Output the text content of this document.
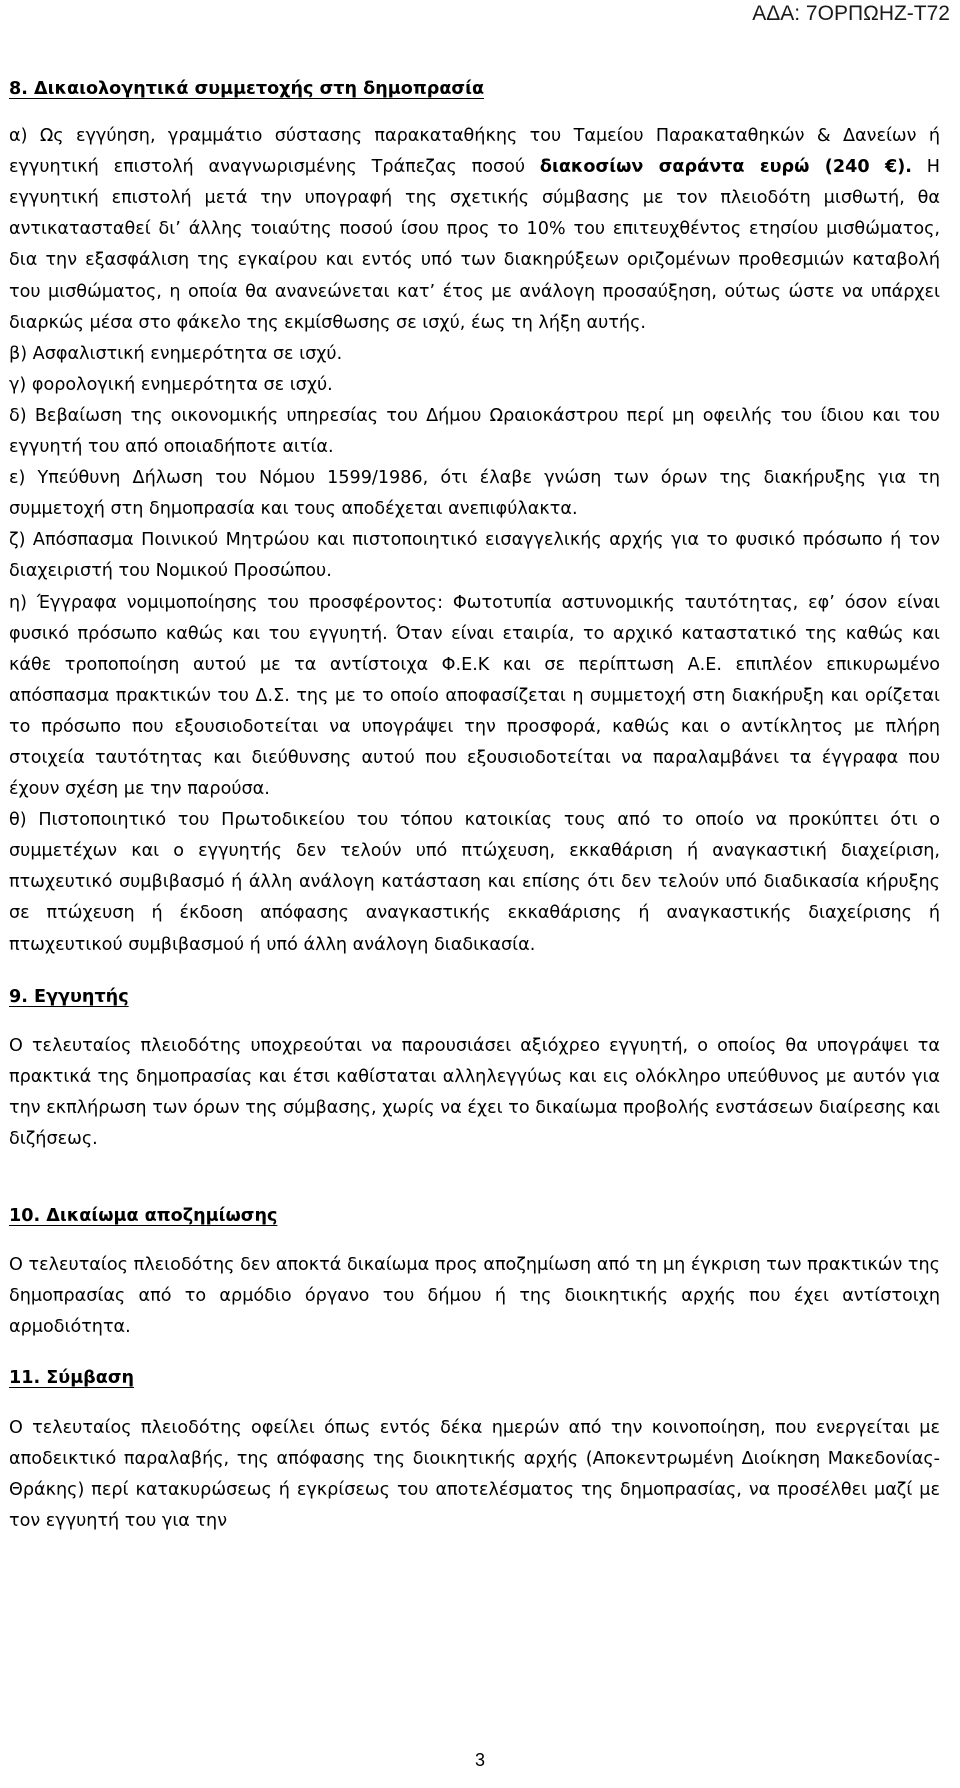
ΑΔΑ: 7ΟΡΠΩΗΖ-Τ72

8. Δικαιολογητικά συμμετοχής στη δημοπρασία

α) Ως εγγύηση, γραμμάτιο σύστασης παρακαταθήκης του Ταμείου Παρακαταθηκών & Δανείων ή εγγυητική επιστολή αναγνωρισμένης Τράπεζας ποσού διακοσίων σαράντα ευρώ (240 €). Η εγγυητική επιστολή μετά την υπογραφή της σχετικής σύμβασης με τον πλειοδότη μισθωτή, θα αντικατασταθεί δι’ άλλης τοιαύτης ποσού ίσου προς το 10% του επιτευχθέντος ετησίου μισθώματος, δια την εξασφάλιση της εγκαίρου και εντός υπό των διακηρύξεων οριζομένων προθεσμιών καταβολή του μισθώματος, η οποία θα ανανεώνεται κατ’ έτος με ανάλογη προσαύξηση, ούτως ώστε να υπάρχει διαρκώς μέσα στο φάκελο της εκμίσθωσης σε ισχύ, έως τη λήξη αυτής.

β) Ασφαλιστική ενημερότητα σε ισχύ.

γ) φορολογική ενημερότητα σε ισχύ.

δ) Βεβαίωση της οικονομικής υπηρεσίας του Δήμου Ωραιοκάστρου περί μη οφειλής του ίδιου και του εγγυητή του από οποιαδήποτε αιτία.

ε) Υπεύθυνη Δήλωση του Νόμου 1599/1986, ότι έλαβε γνώση των όρων της διακήρυξης για τη συμμετοχή στη δημοπρασία και τους αποδέχεται ανεπιφύλακτα.

ζ) Απόσπασμα Ποινικού Μητρώου και πιστοποιητικό εισαγγελικής αρχής για το φυσικό πρόσωπο ή τον διαχειριστή του Νομικού Προσώπου.

η) Έγγραφα νομιμοποίησης του προσφέροντος: Φωτοτυπία αστυνομικής ταυτότητας, εφ’ όσον είναι φυσικό πρόσωπο καθώς και του εγγυητή. Όταν είναι εταιρία, το αρχικό καταστατικό της καθώς και κάθε τροποποίηση αυτού με τα αντίστοιχα Φ.Ε.Κ και σε περίπτωση Α.Ε. επιπλέον επικυρωμένο απόσπασμα πρακτικών του Δ.Σ. της με το οποίο αποφασίζεται η συμμετοχή στη διακήρυξη και ορίζεται το πρόσωπο που εξουσιοδοτείται να υπογράψει την προσφορά, καθώς και ο αντίκλητος με πλήρη στοιχεία ταυτότητας και διεύθυνσης αυτού που εξουσιοδοτείται να παραλαμβάνει τα έγγραφα που έχουν σχέση με την παρούσα.

θ) Πιστοποιητικό του Πρωτοδικείου του τόπου κατοικίας τους από το οποίο να προκύπτει ότι ο συμμετέχων και ο εγγυητής δεν τελούν υπό πτώχευση, εκκαθάριση ή αναγκαστική διαχείριση, πτωχευτικό συμβιβασμό ή άλλη ανάλογη κατάσταση και επίσης ότι δεν τελούν υπό διαδικασία κήρυξης σε πτώχευση ή έκδοση απόφασης αναγκαστικής εκκαθάρισης ή αναγκαστικής διαχείρισης ή πτωχευτικού συμβιβασμού ή υπό άλλη ανάλογη διαδικασία.

9. Εγγυητής

Ο τελευταίος πλειοδότης υποχρεούται να παρουσιάσει αξιόχρεο εγγυητή, ο οποίος θα υπογράψει τα πρακτικά της δημοπρασίας και έτσι καθίσταται αλληλεγγύως και εις ολόκληρο υπεύθυνος με αυτόν για την εκπλήρωση των όρων της σύμβασης, χωρίς να έχει το δικαίωμα προβολής ενστάσεων διαίρεσης και διζήσεως.

10. Δικαίωμα αποζημίωσης

Ο τελευταίος πλειοδότης δεν αποκτά δικαίωμα προς αποζημίωση από τη μη έγκριση των πρακτικών της δημοπρασίας από το αρμόδιο όργανο του δήμου ή της διοικητικής αρχής που έχει αντίστοιχη αρμοδιότητα.

11. Σύμβαση

Ο τελευταίος πλειοδότης οφείλει όπως εντός δέκα ημερών από την κοινοποίηση, που ενεργείται με αποδεικτικό παραλαβής, της απόφασης της διοικητικής αρχής (Αποκεντρωμένη Διοίκηση Μακεδονίας- Θράκης) περί κατακυρώσεως ή εγκρίσεως του αποτελέσματος της δημοπρασίας, να προσέλθει μαζί με τον εγγυητή του για την

3
